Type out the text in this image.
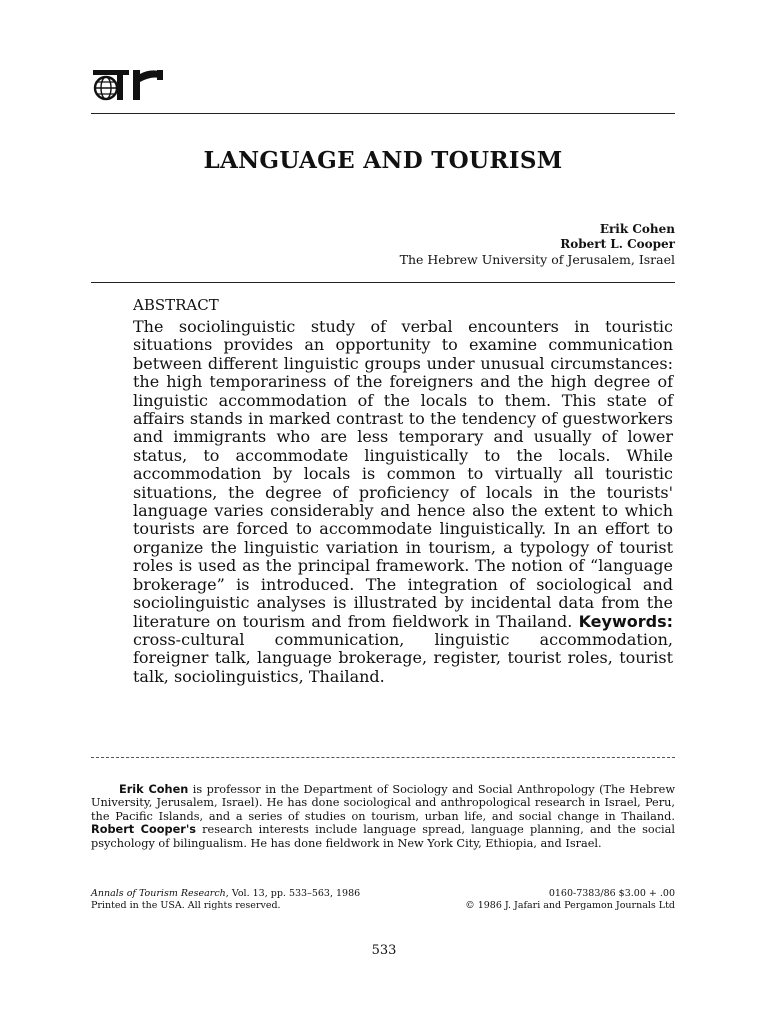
LANGUAGE AND TOURISM
Erik Cohen
Robert L. Cooper
The Hebrew University of Jerusalem, Israel
ABSTRACT
The sociolinguistic study of verbal encounters in touristic situations provides an opportunity to examine communication between different linguistic groups under unusual circumstances: the high temporariness of the foreigners and the high degree of linguistic accommodation of the locals to them. This state of affairs stands in marked contrast to the tendency of guestworkers and immigrants who are less temporary and usually of lower status, to accommodate linguistically to the locals. While accommodation by locals is common to virtually all touristic situations, the degree of proficiency of locals in the tourists' language varies considerably and hence also the extent to which tourists are forced to accommodate linguistically. In an effort to organize the linguistic variation in tourism, a typology of tourist roles is used as the principal framework. The notion of “language brokerage” is introduced. The integration of sociological and sociolinguistic analyses is illustrated by incidental data from the literature on tourism and from fieldwork in Thailand. Keywords: cross-cultural communication, linguistic accommodation, foreigner talk, language brokerage, register, tourist roles, tourist talk, sociolinguistics, Thailand.
Erik Cohen is professor in the Department of Sociology and Social Anthropology (The Hebrew University, Jerusalem, Israel). He has done sociological and anthropological research in Israel, Peru, the Pacific Islands, and a series of studies on tourism, urban life, and social change in Thailand. Robert Cooper's research interests include language spread, language planning, and the social psychology of bilingualism. He has done fieldwork in New York City, Ethiopia, and Israel.
Annals of Tourism Research, Vol. 13, pp. 533–563, 1986
Printed in the USA. All rights reserved.
0160-7383/86 $3.00 + .00
© 1986 J. Jafari and Pergamon Journals Ltd
533
